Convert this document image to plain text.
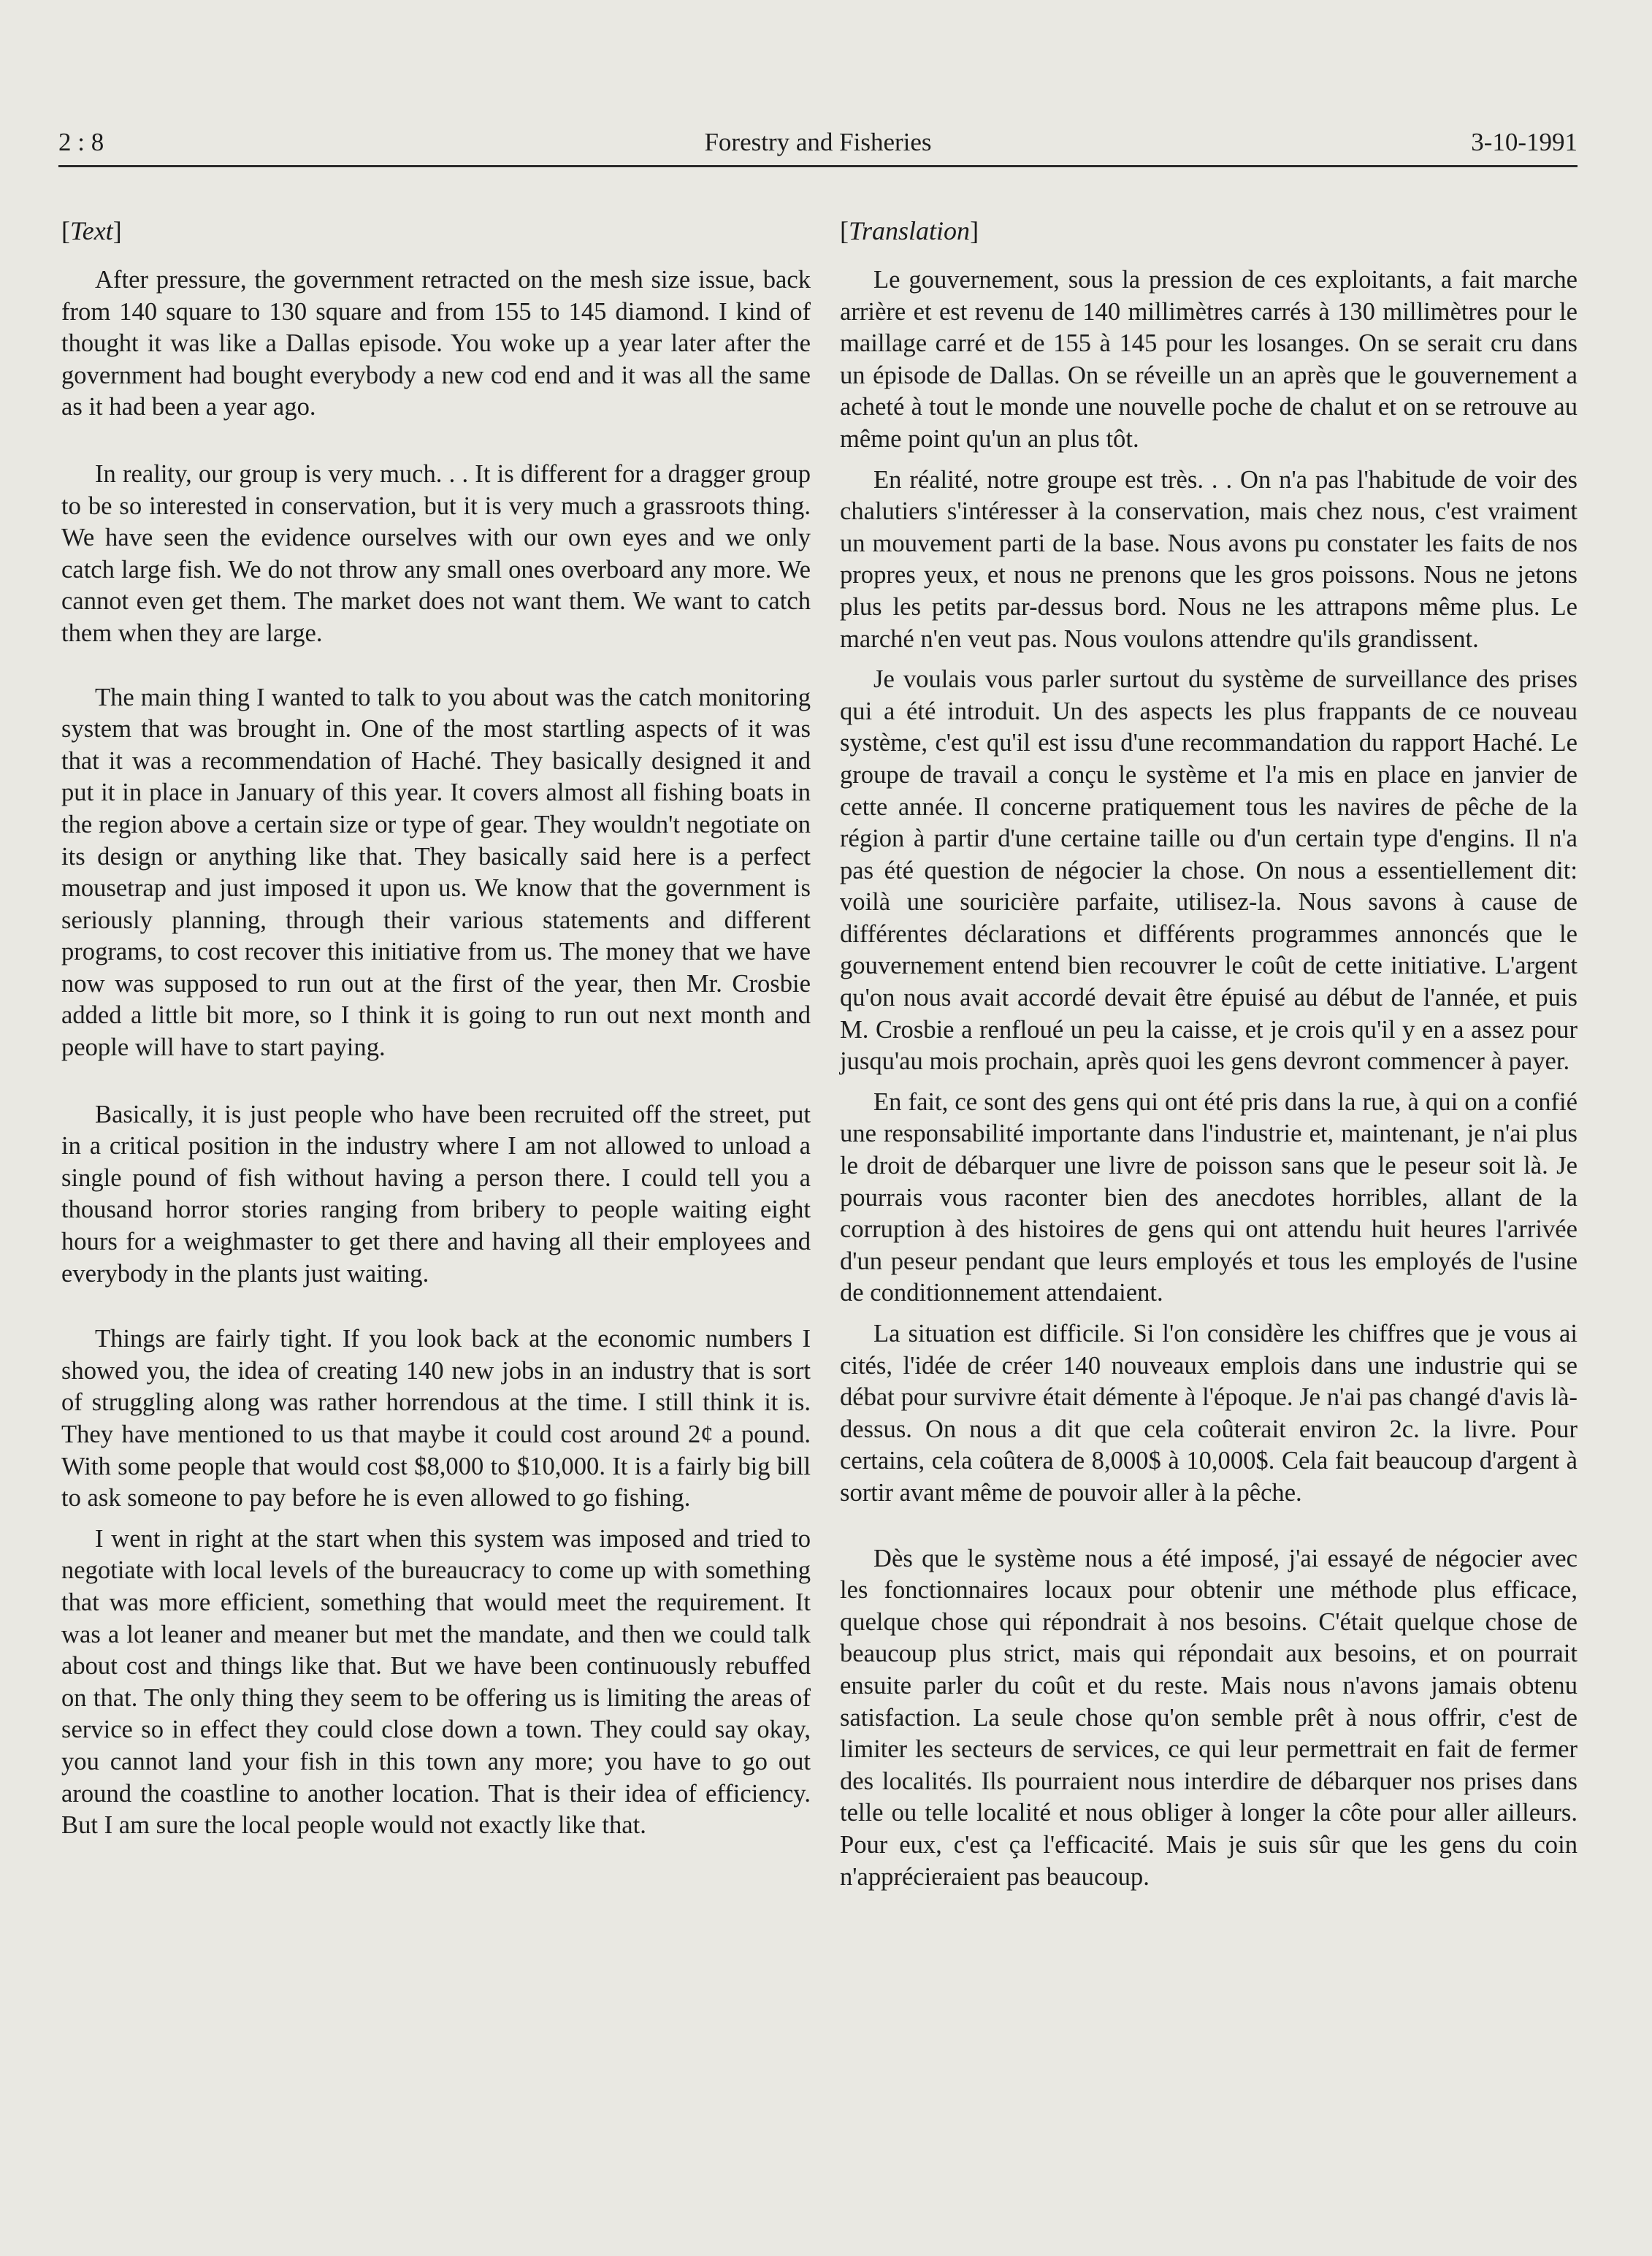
2 : 8	Forestry and Fisheries	3-10-1991

[Text]

After pressure, the government retracted on the mesh size issue, back from 140 square to 130 square and from 155 to 145 diamond. I kind of thought it was like a Dallas episode. You woke up a year later after the government had bought everybody a new cod end and it was all the same as it had been a year ago.

In reality, our group is very much. . . It is different for a dragger group to be so interested in conservation, but it is very much a grassroots thing. We have seen the evidence ourselves with our own eyes and we only catch large fish. We do not throw any small ones overboard any more. We cannot even get them. The market does not want them. We want to catch them when they are large.

The main thing I wanted to talk to you about was the catch monitoring system that was brought in. One of the most startling aspects of it was that it was a recommendation of Haché. They basically designed it and put it in place in January of this year. It covers almost all fishing boats in the region above a certain size or type of gear. They wouldn't negotiate on its design or anything like that. They basically said here is a perfect mousetrap and just imposed it upon us. We know that the government is seriously planning, through their various statements and different programs, to cost recover this initiative from us. The money that we have now was supposed to run out at the first of the year, then Mr. Crosbie added a little bit more, so I think it is going to run out next month and people will have to start paying.

Basically, it is just people who have been recruited off the street, put in a critical position in the industry where I am not allowed to unload a single pound of fish without having a person there. I could tell you a thousand horror stories ranging from bribery to people waiting eight hours for a weighmaster to get there and having all their employees and everybody in the plants just waiting.

Things are fairly tight. If you look back at the economic numbers I showed you, the idea of creating 140 new jobs in an industry that is sort of struggling along was rather horrendous at the time. I still think it is. They have mentioned to us that maybe it could cost around 2¢ a pound. With some people that would cost $8,000 to $10,000. It is a fairly big bill to ask someone to pay before he is even allowed to go fishing.

I went in right at the start when this system was imposed and tried to negotiate with local levels of the bureaucracy to come up with something that was more efficient, something that would meet the requirement. It was a lot leaner and meaner but met the mandate, and then we could talk about cost and things like that. But we have been continuously rebuffed on that. The only thing they seem to be offering us is limiting the areas of service so in effect they could close down a town. They could say okay, you cannot land your fish in this town any more; you have to go out around the coastline to another location. That is their idea of efficiency. But I am sure the local people would not exactly like that.

[Translation]

Le gouvernement, sous la pression de ces exploitants, a fait marche arrière et est revenu de 140 millimètres carrés à 130 millimètres pour le maillage carré et de 155 à 145 pour les losanges. On se serait cru dans un épisode de Dallas. On se réveille un an après que le gouvernement a acheté à tout le monde une nouvelle poche de chalut et on se retrouve au même point qu'un an plus tôt.

En réalité, notre groupe est très. . . On n'a pas l'habitude de voir des chalutiers s'intéresser à la conservation, mais chez nous, c'est vraiment un mouvement parti de la base. Nous avons pu constater les faits de nos propres yeux, et nous ne prenons que les gros poissons. Nous ne jetons plus les petits par-dessus bord. Nous ne les attrapons même plus. Le marché n'en veut pas. Nous voulons attendre qu'ils grandissent.

Je voulais vous parler surtout du système de surveillance des prises qui a été introduit. Un des aspects les plus frappants de ce nouveau système, c'est qu'il est issu d'une recommandation du rapport Haché. Le groupe de travail a conçu le système et l'a mis en place en janvier de cette année. Il concerne pratiquement tous les navires de pêche de la région à partir d'une certaine taille ou d'un certain type d'engins. Il n'a pas été question de négocier la chose. On nous a essentiellement dit: voilà une souricière parfaite, utilisez-la. Nous savons à cause de différentes déclarations et différents programmes annoncés que le gouvernement entend bien recouvrer le coût de cette initiative. L'argent qu'on nous avait accordé devait être épuisé au début de l'année, et puis M. Crosbie a renfloué un peu la caisse, et je crois qu'il y en a assez pour jusqu'au mois prochain, après quoi les gens devront commencer à payer.

En fait, ce sont des gens qui ont été pris dans la rue, à qui on a confié une responsabilité importante dans l'industrie et, maintenant, je n'ai plus le droit de débarquer une livre de poisson sans que le peseur soit là. Je pourrais vous raconter bien des anecdotes horribles, allant de la corruption à des histoires de gens qui ont attendu huit heures l'arrivée d'un peseur pendant que leurs employés et tous les employés de l'usine de conditionnement attendaient.

La situation est difficile. Si l'on considère les chiffres que je vous ai cités, l'idée de créer 140 nouveaux emplois dans une industrie qui se débat pour survivre était démente à l'époque. Je n'ai pas changé d'avis là-dessus. On nous a dit que cela coûterait environ 2c. la livre. Pour certains, cela coûtera de 8,000$ à 10,000$. Cela fait beaucoup d'argent à sortir avant même de pouvoir aller à la pêche.

Dès que le système nous a été imposé, j'ai essayé de négocier avec les fonctionnaires locaux pour obtenir une méthode plus efficace, quelque chose qui répondrait à nos besoins. C'était quelque chose de beaucoup plus strict, mais qui répondait aux besoins, et on pourrait ensuite parler du coût et du reste. Mais nous n'avons jamais obtenu satisfaction. La seule chose qu'on semble prêt à nous offrir, c'est de limiter les secteurs de services, ce qui leur permettrait en fait de fermer des localités. Ils pourraient nous interdire de débarquer nos prises dans telle ou telle localité et nous obliger à longer la côte pour aller ailleurs. Pour eux, c'est ça l'efficacité. Mais je suis sûr que les gens du coin n'apprécieraient pas beaucoup.
